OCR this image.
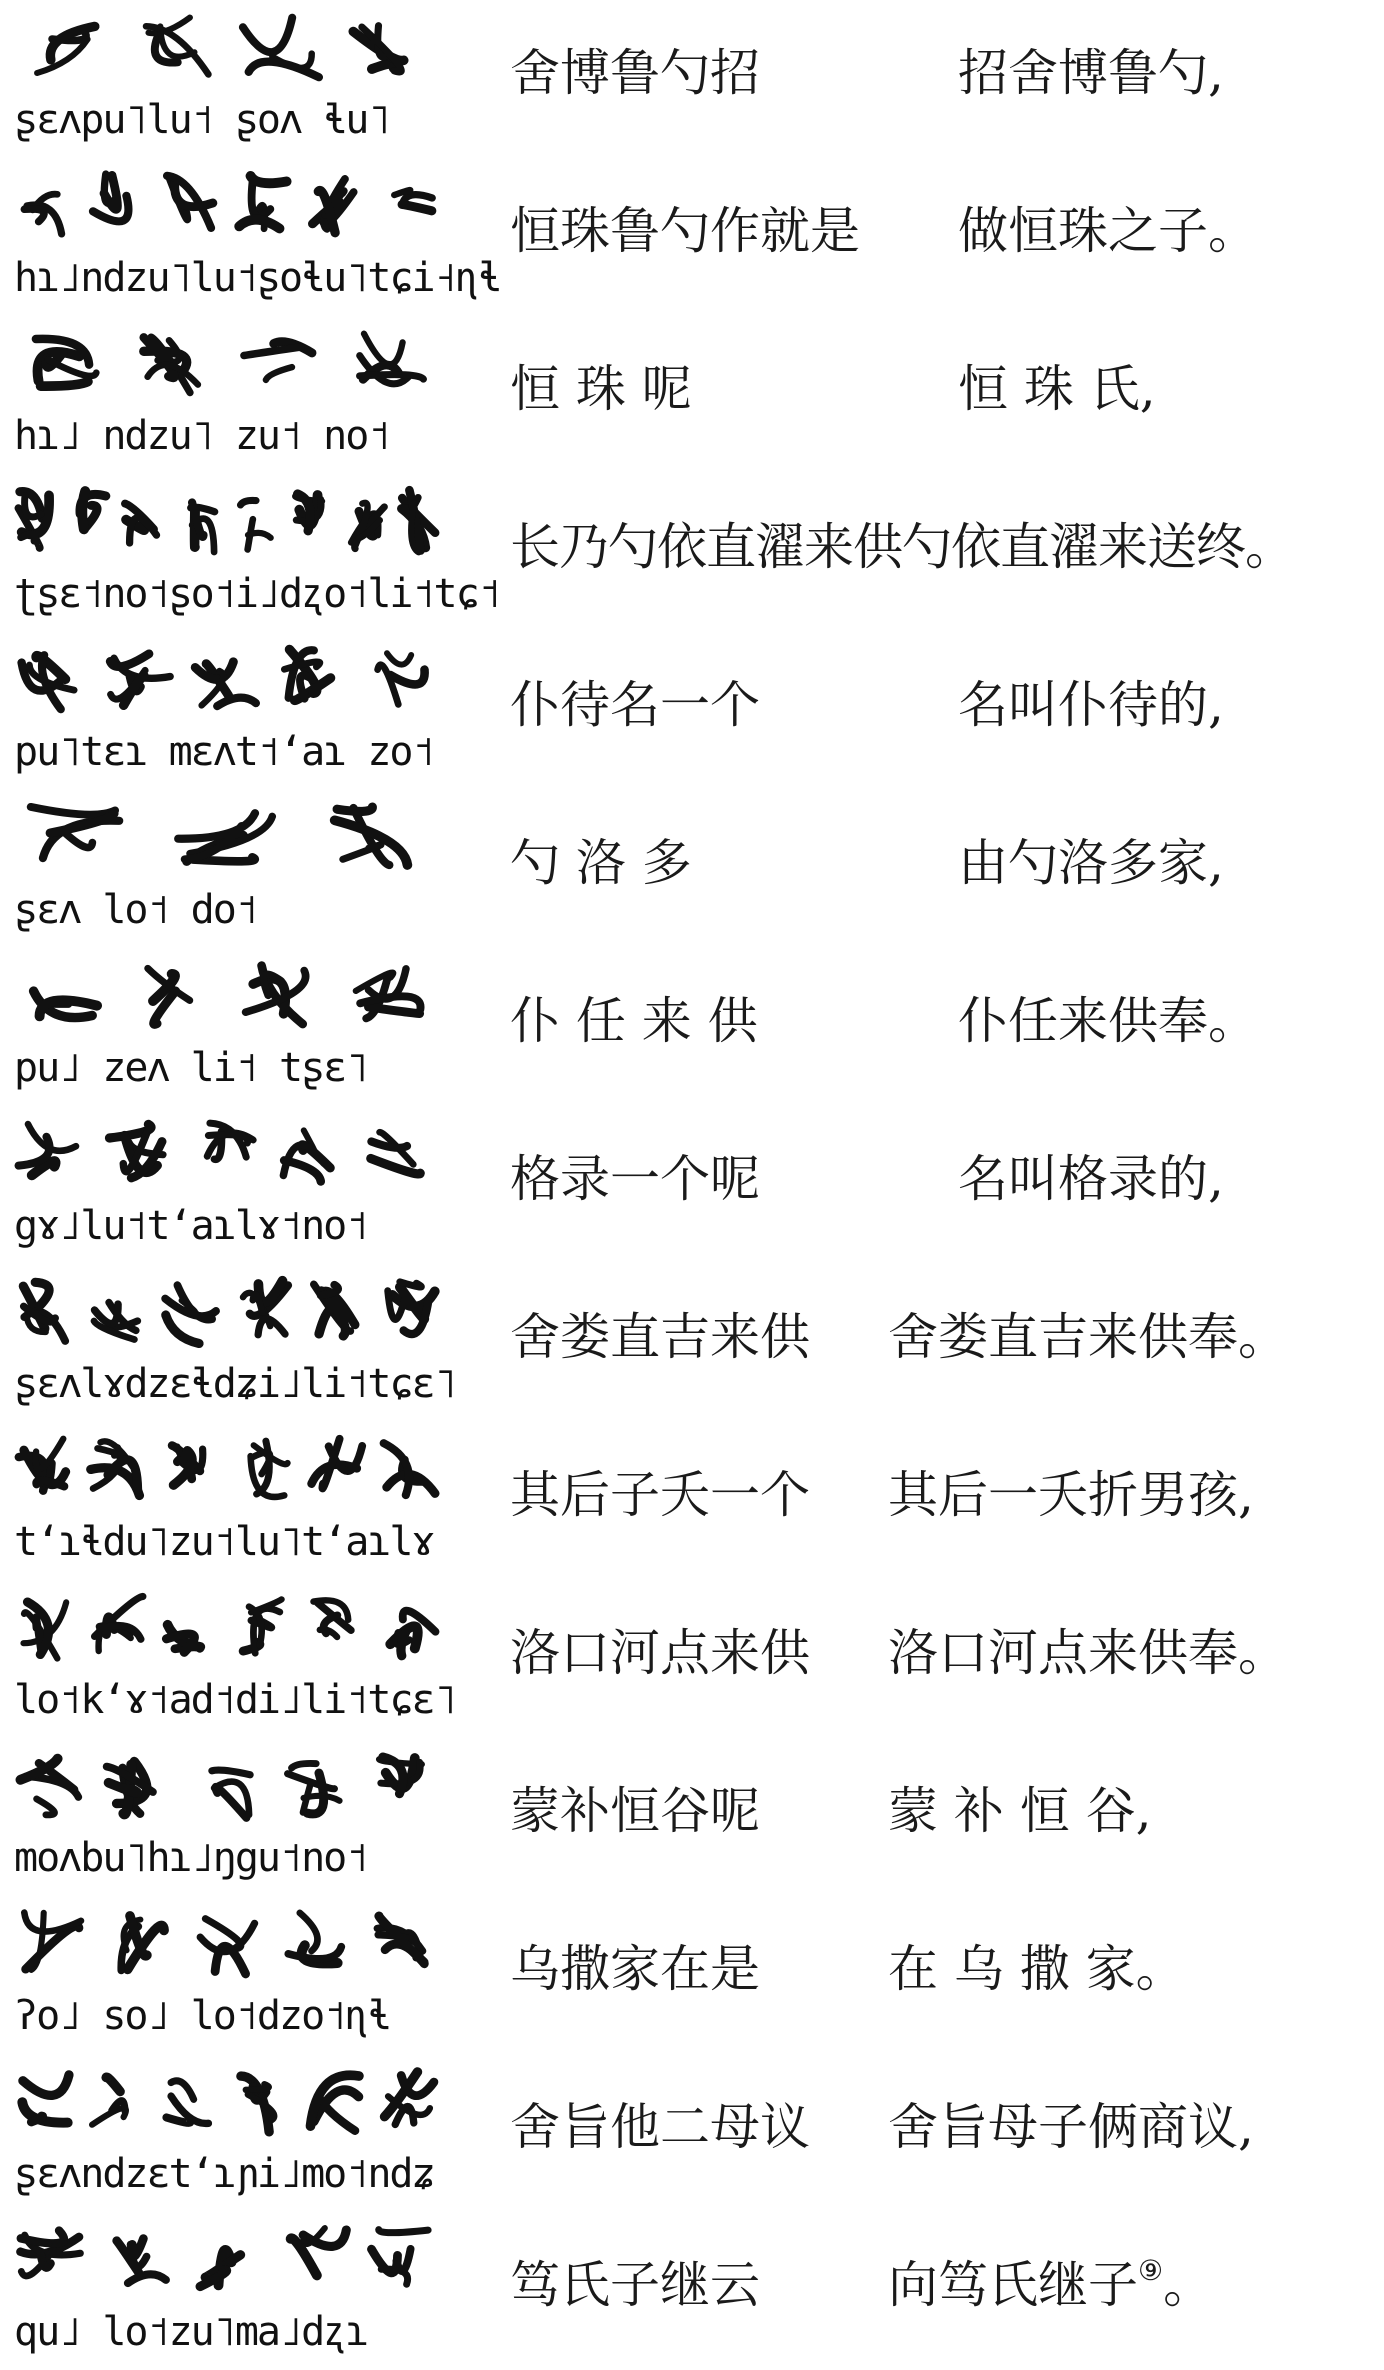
ʂɛʌpu˥lu˦ ʂoʌ ɬu˥
舍博鲁勺招	招舍博鲁勺,
hɿ˩ndzu˥lu˦ʂoɬu˥tɕi˧ɳɬ
恒珠鲁勺作就是 做恒珠之子。
hɿ˩ ndzu˥ zu˦ no˦
恒 珠 呢	恒 珠 氏,
ʈʂɛ˦no˦ʂo˦i˩dʐo˦li˦tɕ˦
长乃勺依直濯来供勺依直濯来送终。
pu˥tɛɿ mɛʌt˦ʻaɿ zo˦
仆待名一个	名叫仆待的,
ʂɛʌ lo˦ do˦
勺 洛 多	由勺洛多家,
pu˩ zeʌ li˦ tʂɛ˥
仆 任 来 供	仆任来供奉。
gɤ˩lu˦tʻaɿlɤ˦no˦
格录一个呢	名叫格录的,
ʂɛʌlɤdzɛɬdʑi˩li˦tɕɛ˥
舍娄直吉来供 舍娄直吉来供奉。
tʻɿɬdu˥zu˦lu˥tʻaɿlɤ
其后子夭一个 其后一夭折男孩,
lo˦kʻɤ˦ad˦di˩li˦tɕɛ˥
洛口河点来供 洛口河点来供奉。
moʌbu˥hɿ˩ŋgu˦no˦
蒙补恒谷呢	蒙 补 恒 谷,
ʔo˩ so˩ lo˦dzo˦ɳɬ
乌撒家在是	在 乌 撒 家。
ʂɛʌndzɛtʻɿɲi˩mo˦ndʑ
舍旨他二母议 舍旨母子俩商议,
qu˩ lo˦zu˥ma˩dʐɿ
笃氏子继云	向笃氏继子⑨。
